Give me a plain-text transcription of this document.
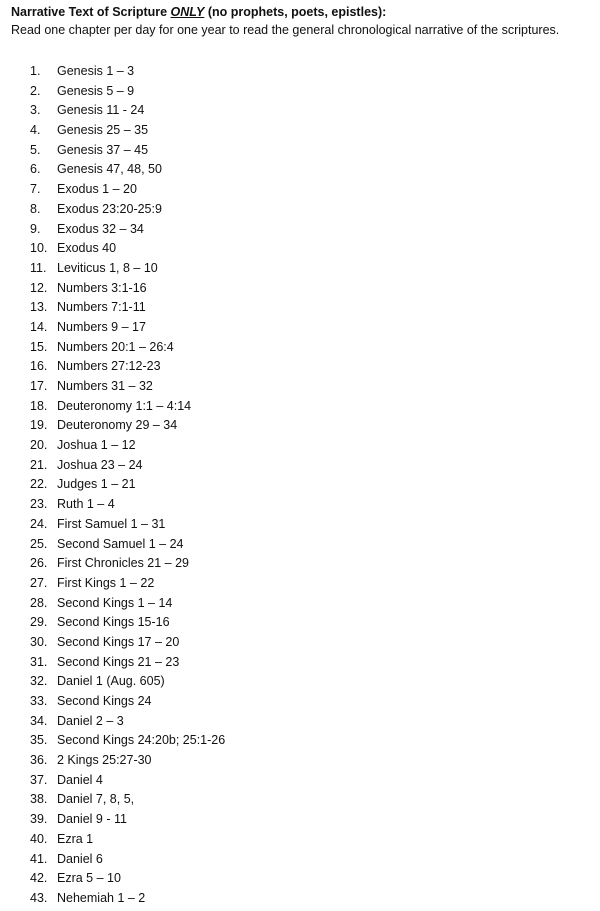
Narrative Text of Scripture ONLY (no prophets, poets, epistles):
Read one chapter per day for one year to read the general chronological narrative of the scriptures.
1. Genesis 1 – 3
2. Genesis 5 – 9
3. Genesis 11 - 24
4. Genesis 25 – 35
5. Genesis 37 – 45
6. Genesis 47, 48, 50
7. Exodus 1 – 20
8. Exodus 23:20-25:9
9. Exodus 32 – 34
10. Exodus 40
11. Leviticus 1, 8 – 10
12. Numbers 3:1-16
13. Numbers 7:1-11
14. Numbers 9 – 17
15. Numbers 20:1 – 26:4
16. Numbers 27:12-23
17. Numbers 31 – 32
18. Deuteronomy 1:1 – 4:14
19. Deuteronomy 29 – 34
20. Joshua 1 – 12
21. Joshua 23 – 24
22. Judges 1 – 21
23. Ruth 1 – 4
24. First Samuel 1 – 31
25. Second Samuel 1 – 24
26. First Chronicles 21 – 29
27. First Kings 1 – 22
28. Second Kings 1 – 14
29. Second Kings 15-16
30. Second Kings 17 – 20
31. Second Kings 21 – 23
32. Daniel 1 (Aug. 605)
33. Second Kings 24
34. Daniel 2 – 3
35. Second Kings 24:20b; 25:1-26
36. 2 Kings 25:27-30
37. Daniel 4
38. Daniel 7, 8, 5,
39. Daniel 9 - 11
40. Ezra 1
41. Daniel 6
42. Ezra 5 – 10
43. Nehemiah 1 – 2
